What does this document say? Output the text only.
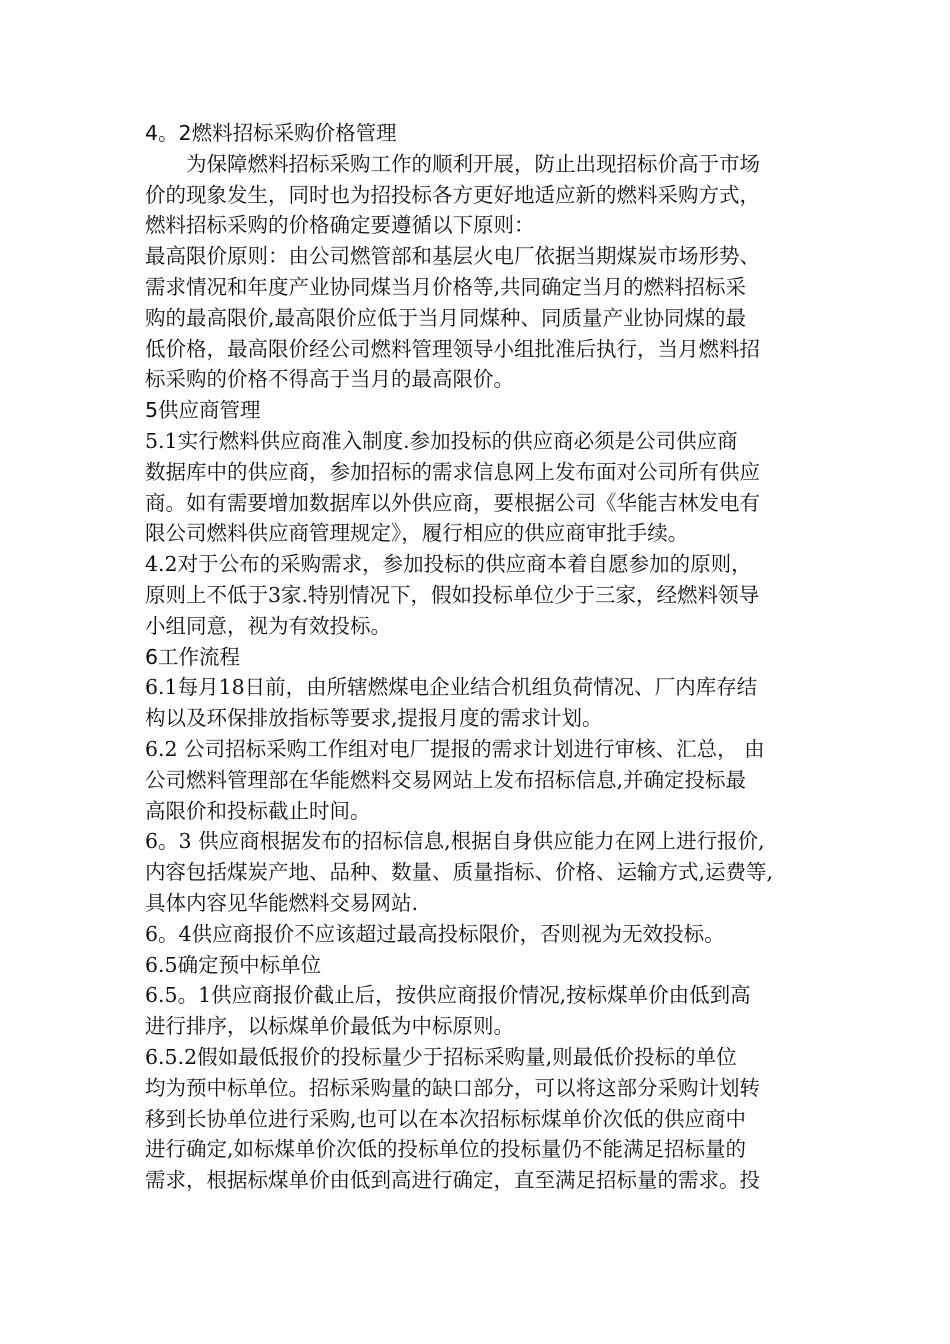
4。2燃料招标采购价格管理
为保障燃料招标采购工作的顺利开展，防止出现招标价高于市场
价的现象发生，同时也为招投标各方更好地适应新的燃料采购方式，
燃料招标采购的价格确定要遵循以下原则：
最高限价原则：由公司燃管部和基层火电厂依据当期煤炭市场形势、
需求情况和年度产业协同煤当月价格等,共同确定当月的燃料招标采
购的最高限价,最高限价应低于当月同煤种、同质量产业协同煤的最
低价格，最高限价经公司燃料管理领导小组批准后执行，当月燃料招
标采购的价格不得高于当月的最高限价。
5供应商管理
5.1实行燃料供应商准入制度.参加投标的供应商必须是公司供应商
数据库中的供应商，参加招标的需求信息网上发布面对公司所有供应
商。如有需要增加数据库以外供应商，要根据公司《华能吉林发电有
限公司燃料供应商管理规定》，履行相应的供应商审批手续。
4.2对于公布的采购需求，参加投标的供应商本着自愿参加的原则，
原则上不低于3家.特别情况下，假如投标单位少于三家，经燃料领导
小组同意，视为有效投标。
6工作流程
6.1每月18日前，由所辖燃煤电企业结合机组负荷情况、厂内库存结
构以及环保排放指标等要求,提报月度的需求计划。
6.2 公司招标采购工作组对电厂提报的需求计划进行审核、汇总， 由
公司燃料管理部在华能燃料交易网站上发布招标信息,并确定投标最
高限价和投标截止时间。
6。3 供应商根据发布的招标信息,根据自身供应能力在网上进行报价,
内容包括煤炭产地、品种、数量、质量指标、价格、运输方式,运费等,
具体内容见华能燃料交易网站.
6。4供应商报价不应该超过最高投标限价，否则视为无效投标。
6.5确定预中标单位
6.5。1供应商报价截止后，按供应商报价情况,按标煤单价由低到高
进行排序，以标煤单价最低为中标原则。
6.5.2假如最低报价的投标量少于招标采购量,则最低价投标的单位
均为预中标单位。招标采购量的缺口部分，可以将这部分采购计划转
移到长协单位进行采购,也可以在本次招标标煤单价次低的供应商中
进行确定,如标煤单价次低的投标单位的投标量仍不能满足招标量的
需求，根据标煤单价由低到高进行确定，直至满足招标量的需求。投
